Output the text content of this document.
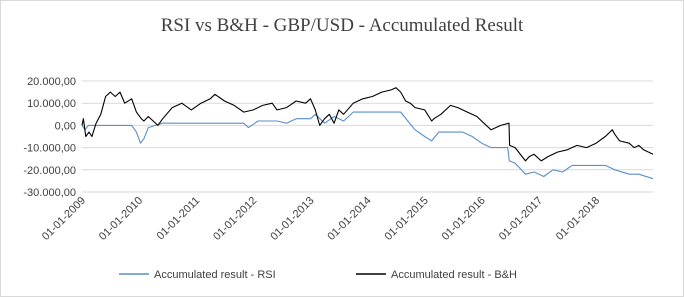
RSI vs B&H - GBP/USD - Accumulated Result
20.000,00
10.000,00
0,00
-10.000,00
-20.000,00
-30.000,00
01-01-2009 01-01-2010 01-01-2011 01-01-2012 01-01-2013 01-01-2014 01-01-2015 01-01-2016 01-01-2017 01-01-2018
Accumulated result - RSI	Accumulated result - B&H
